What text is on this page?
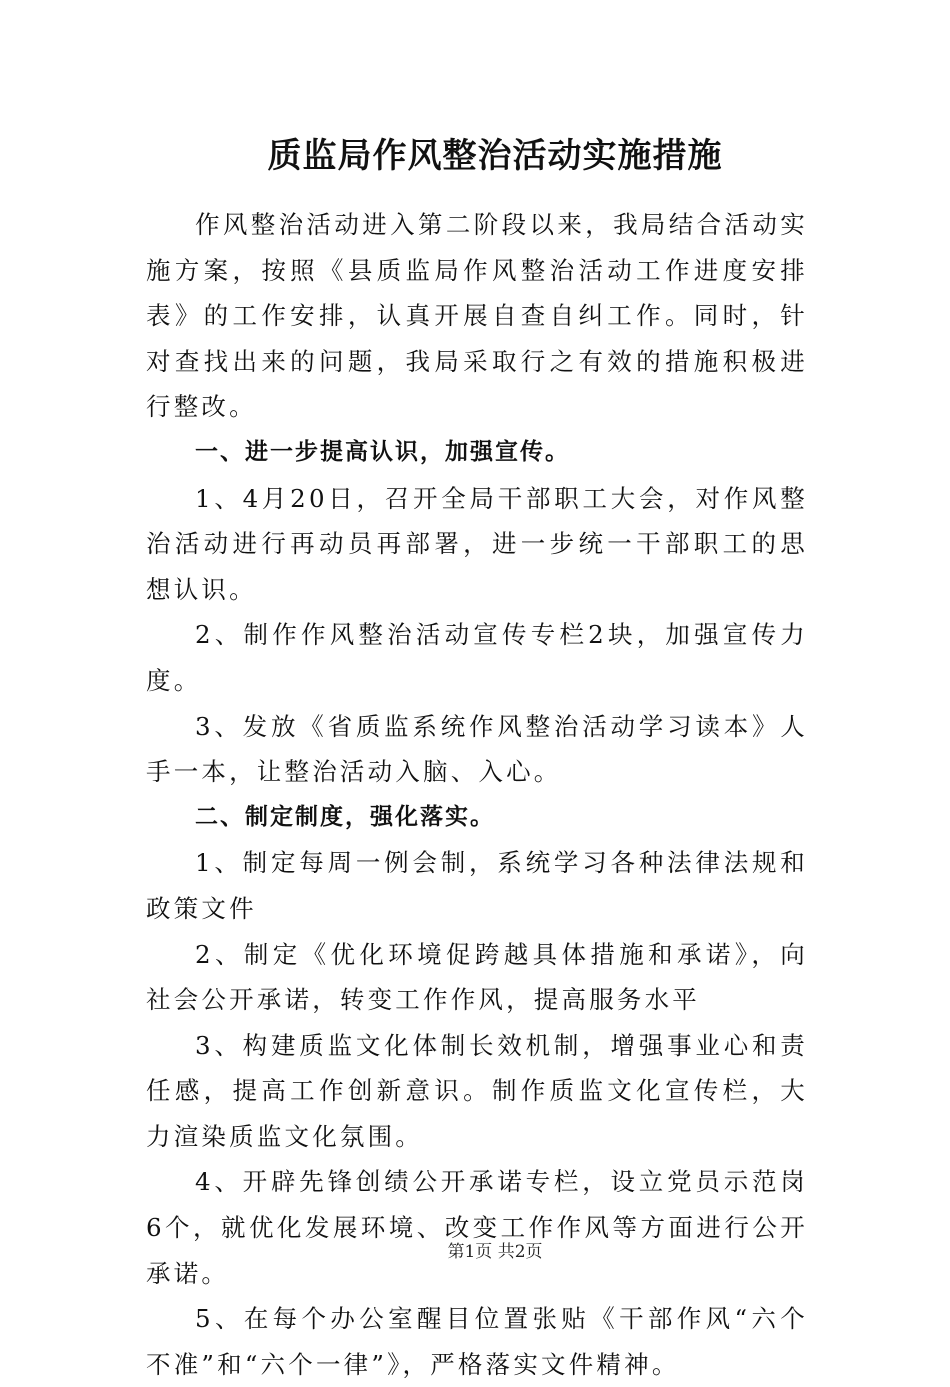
质监局作风整治活动实施措施

作风整治活动进入第二阶段以来，我局结合活动实施方案，按照《县质监局作风整治活动工作进度安排表》的工作安排，认真开展自查自纠工作。同时，针对查找出来的问题，我局采取行之有效的措施积极进行整改。

一、进一步提高认识，加强宣传。

1、4月20日，召开全局干部职工大会，对作风整治活动进行再动员再部署，进一步统一干部职工的思想认识。

2、制作作风整治活动宣传专栏2块，加强宣传力度。

3、发放《省质监系统作风整治活动学习读本》人手一本，让整治活动入脑、入心。

二、制定制度，强化落实。

1、制定每周一例会制，系统学习各种法律法规和政策文件

2、制定《优化环境促跨越具体措施和承诺》，向社会公开承诺，转变工作作风，提高服务水平

3、构建质监文化体制长效机制，增强事业心和责任感，提高工作创新意识。制作质监文化宣传栏，大力渲染质监文化氛围。

4、开辟先锋创绩公开承诺专栏，设立党员示范岗6个，就优化发展环境、改变工作作风等方面进行公开承诺。

5、在每个办公室醒目位置张贴《干部作风“六个不准”和“六个一律”》，严格落实文件精神。

第1页 共2页
